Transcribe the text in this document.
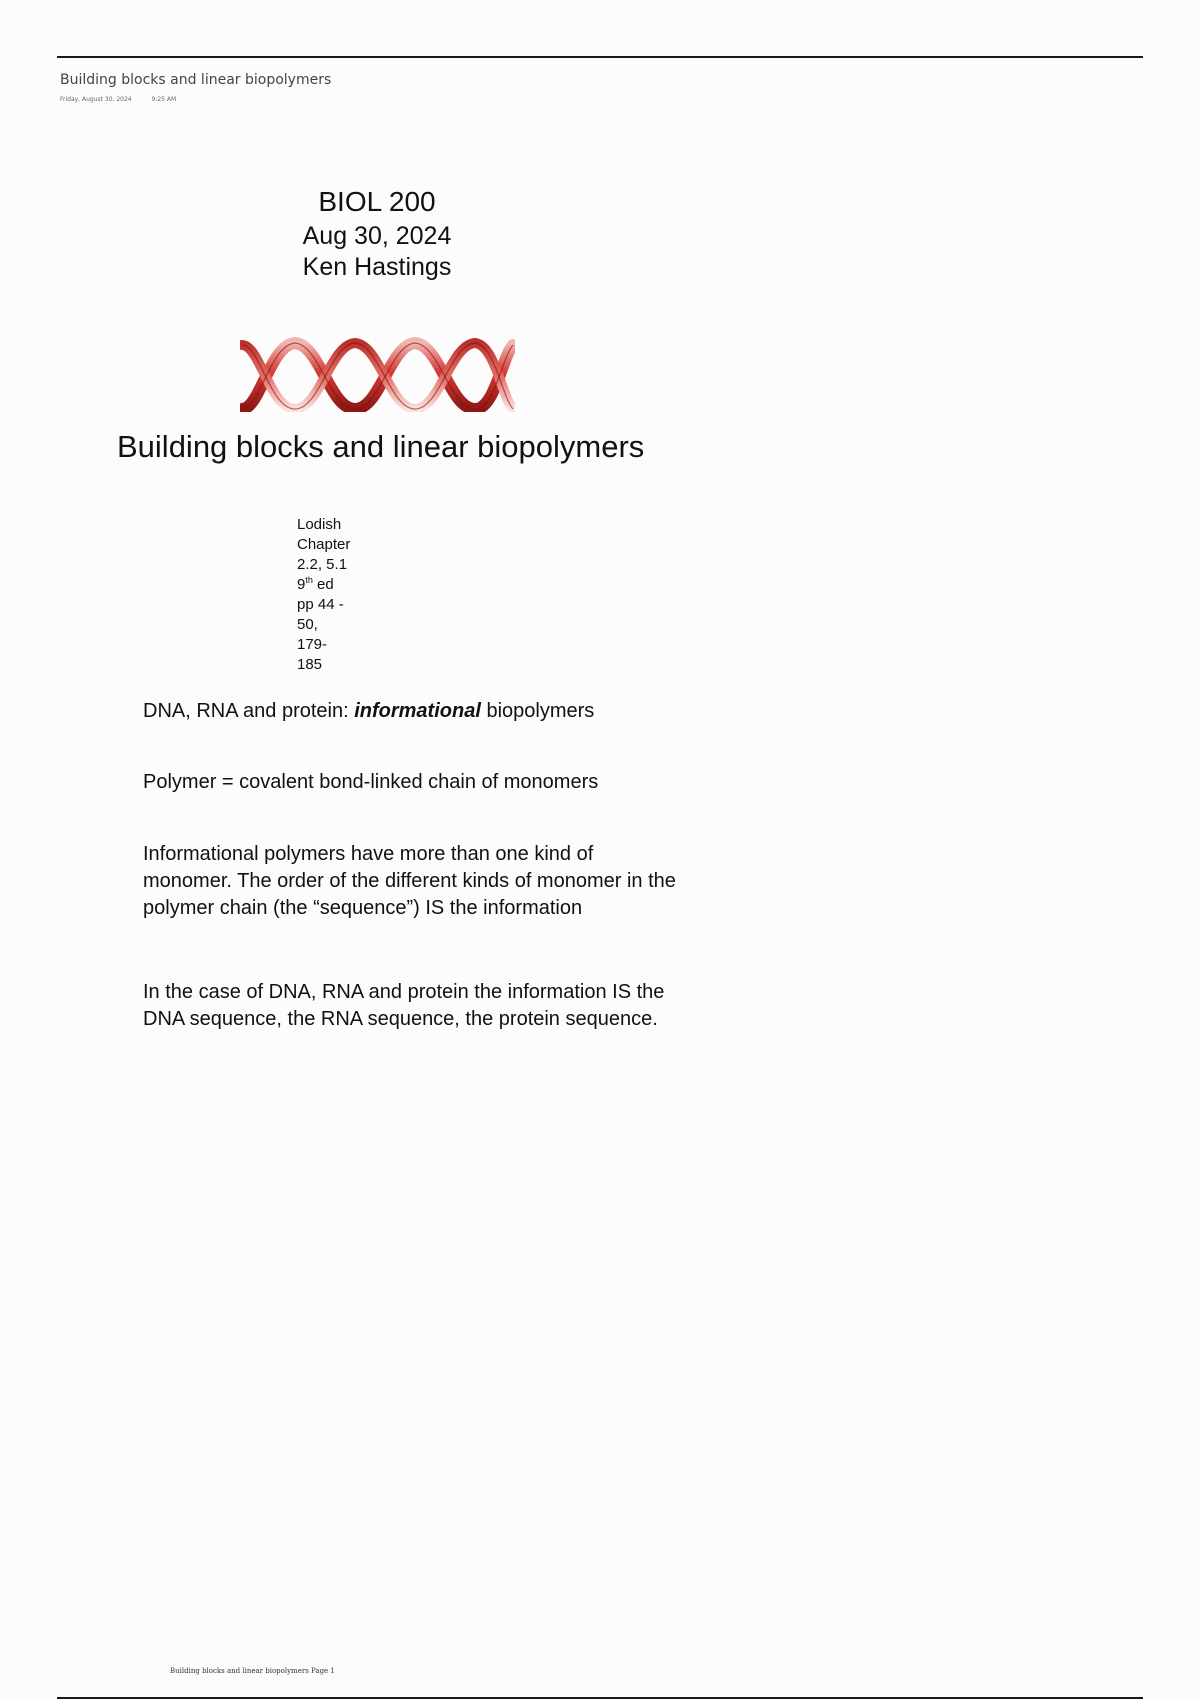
Building blocks and linear biopolymers
Friday, August 30, 2024	9:25 AM
BIOL 200
Aug 30, 2024
Ken Hastings
Building blocks and linear biopolymers
Lodish Chapter 2.2, 5.1
9th ed pp 44 - 50, 179-185
DNA, RNA and protein: informational biopolymers
Polymer = covalent bond-linked chain of monomers
Informational polymers have more than one kind of monomer. The order of the different kinds of monomer in the polymer chain (the “sequence”) IS the information
In the case of DNA, RNA and protein the information IS the DNA sequence, the RNA sequence, the protein sequence.
Building blocks and linear biopolymers Page 1
